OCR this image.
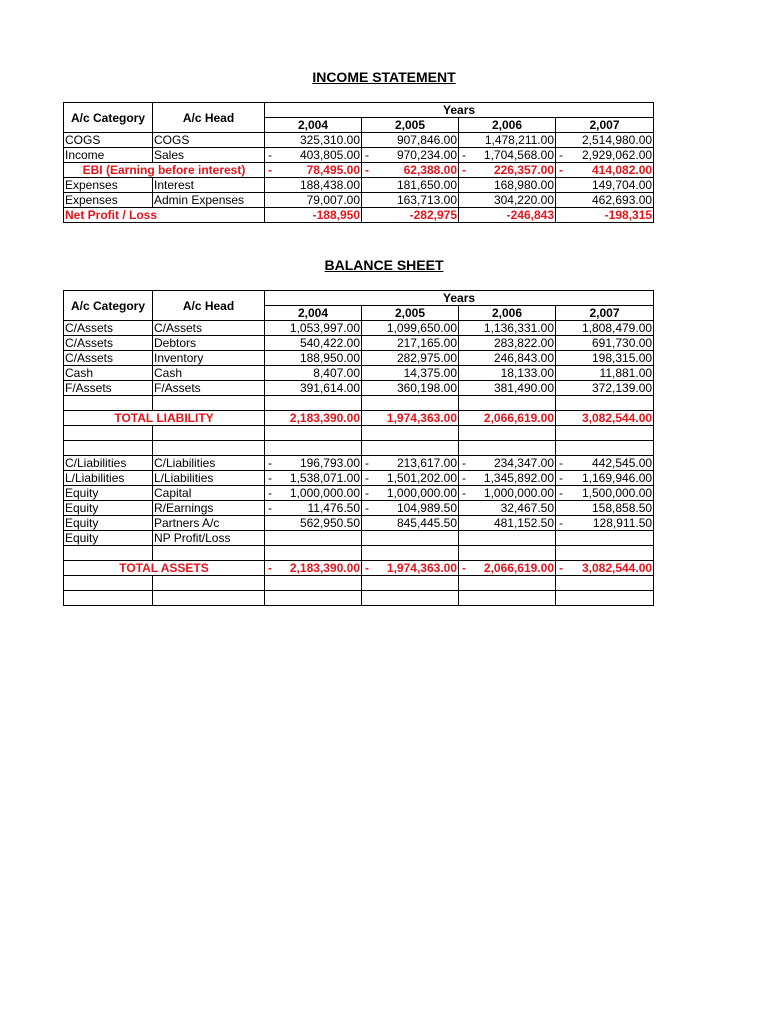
INCOME STATEMENT
A/c Category	A/c Head	Years			
		2,004	2,005	2,006	2,007
COGS	COGS	325,310.00	907,846.00	1,478,211.00	2,514,980.00
Income	Sales	- 403,805.00	- 970,234.00	- 1,704,568.00	- 2,929,062.00
EBI (Earning before interest)		- 78,495.00	- 62,388.00	- 226,357.00	- 414,082.00
Expenses	Interest	188,438.00	181,650.00	168,980.00	149,704.00
Expenses	Admin Expenses	79,007.00	163,713.00	304,220.00	462,693.00
Net Profit / Loss		-188,950	-282,975	-246,843	-198,315
BALANCE SHEET
A/c Category	A/c Head	Years			
		2,004	2,005	2,006	2,007
C/Assets	C/Assets	1,053,997.00	1,099,650.00	1,136,331.00	1,808,479.00
C/Assets	Debtors	540,422.00	217,165.00	283,822.00	691,730.00
C/Assets	Inventory	188,950.00	282,975.00	246,843.00	198,315.00
Cash	Cash	8,407.00	14,375.00	18,133.00	11,881.00
F/Assets	F/Assets	391,614.00	360,198.00	381,490.00	372,139.00

TOTAL LIABILITY		2,183,390.00	1,974,363.00	2,066,619.00	3,082,544.00

C/Liabilities	C/Liabilities	- 196,793.00	- 213,617.00	- 234,347.00	- 442,545.00
L/Liabilities	L/Liabilities	- 1,538,071.00	- 1,501,202.00	- 1,345,892.00	- 1,169,946.00
Equity	Capital	- 1,000,000.00	- 1,000,000.00	- 1,000,000.00	- 1,500,000.00
Equity	R/Earnings	- 11,476.50	- 104,989.50	32,467.50	158,858.50
Equity	Partners A/c	562,950.50	845,445.50	481,152.50	- 128,911.50
Equity	NP Profit/Loss				

TOTAL ASSETS		- 2,183,390.00	- 1,974,363.00	- 2,066,619.00	- 3,082,544.00
